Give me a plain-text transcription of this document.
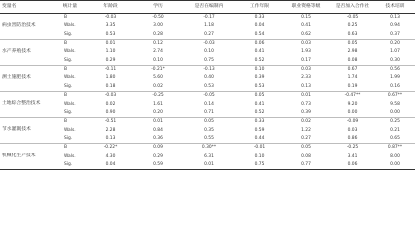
变量名	统计量	年龄段	学历	是否在编制内	工作年限	职业资格等级	是否加入合作社	技术培训
	B	-0.03	-0.50	-0.17	0.33	0.15	-0.05	0.13
病虫害防治技术	Wals.	3.35	3.00	1.18	0.04	0.41	0.25	0.94
	Sig.	0.53	0.28	0.27	0.54	0.62	0.63	0.37
	B	0.01	0.12	-0.03	0.06	0.03	0.05	0.20
水产养殖技术	Wals.	1.10	2.74	0.10	0.41	1.93	2.98	1.07
	Sig.	0.29	0.10	0.75	0.52	0.17	0.08	0.30
	B	-0.11	-0.21*	-0.13	0.10	0.03	0.67	0.56
测土施肥技术	Wals.	1.80	5.60	0.40	0.39	2.33	1.74	1.99
	Sig.	0.18	0.02	0.53	0.53	0.13	0.19	0.16
	B	-0.03	-0.25	-0.05	0.05	0.01	-0.47**	0.67**
土地综合整治技术	Wals.	0.02	1.61	0.14	0.41	0.73	9.20	9.58
	Sig.	0.90	0.20	0.71	0.52	0.39	0.00	0.00
	B	-0.51	0.01	0.05	0.33	0.02	-0.09	0.25
节水灌溉技术	Wals.	2.28	0.84	0.35	0.59	1.22	0.03	0.21
	Sig.	0.13	0.36	0.55	0.44	0.27	0.86	0.65
	B	-0.22*	0.09	0.30**	-0.01	0.05	-0.25	0.87**
机械化生产技术	Wals.	4.30	0.29	6.31	0.10	0.08	3.41	8.00
	Sig.	0.04	0.59	0.01	0.75	0.77	0.06	0.00
